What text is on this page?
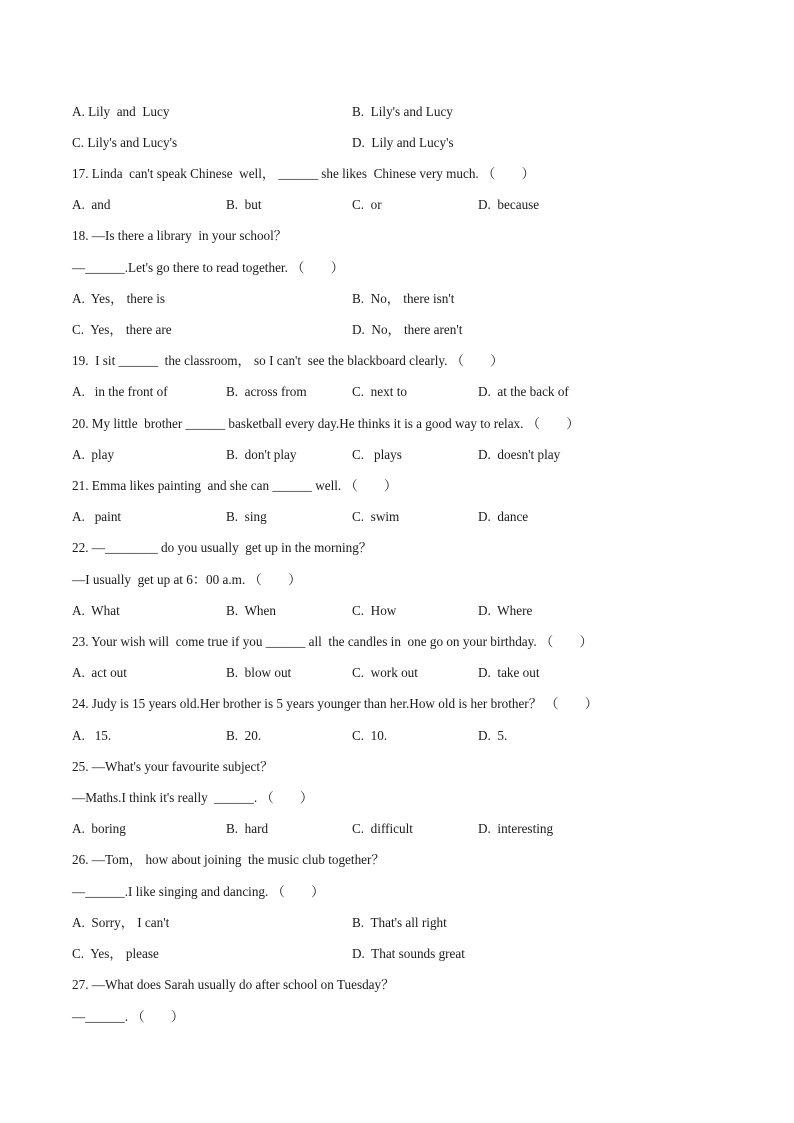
A. Lily  and  Lucy	B.  Lily's and Lucy
C. Lily's and Lucy's	D.  Lily and Lucy's
17. Linda  can't speak Chinese  well， ______ she likes  Chinese very much. （        ）
A.  and	B.  but	C.  or	D.  because
18. —Is there a library  in your school？
—______.Let's go there to read together. （        ）
A.  Yes， there is	B.  No， there isn't
C.  Yes， there are	D.  No， there aren't
19.  I sit ______  the classroom， so I can't  see the blackboard clearly. （        ）
A.   in the front of	B.  across from	C.  next to	D.  at the back of
20. My little  brother ______ basketball every day.He thinks it is a good way to relax. （        ）
A.  play	B.  don't play	C.   plays	D.  doesn't play
21. Emma likes painting  and she can ______ well. （        ）
A.   paint	B.  sing	C.  swim	D.  dance
22. —________ do you usually  get up in the morning？
—I usually  get up at 6：00 a.m. （        ）
A.  What	B.  When	C.  How	D.  Where
23. Your wish will  come true if you ______ all  the candles in  one go on your birthday. （        ）
A.  act out	B.  blow out	C.  work out	D.  take out
24. Judy is 15 years old.Her brother is 5 years younger than her.How old is her brother？ （        ）
A.   15.	B.  20.	C.  10.	D.  5.
25. —What's your favourite subject？
—Maths.I think it's really  ______. （        ）
A.  boring	B.  hard	C.  difficult	D.  interesting
26. —Tom， how about joining  the music club together？
—______.I like singing and dancing. （        ）
A.  Sorry， I can't	B.  That's all right
C.  Yes， please	D.  That sounds great
27. —What does Sarah usually do after school on Tuesday？
—______. （        ）
